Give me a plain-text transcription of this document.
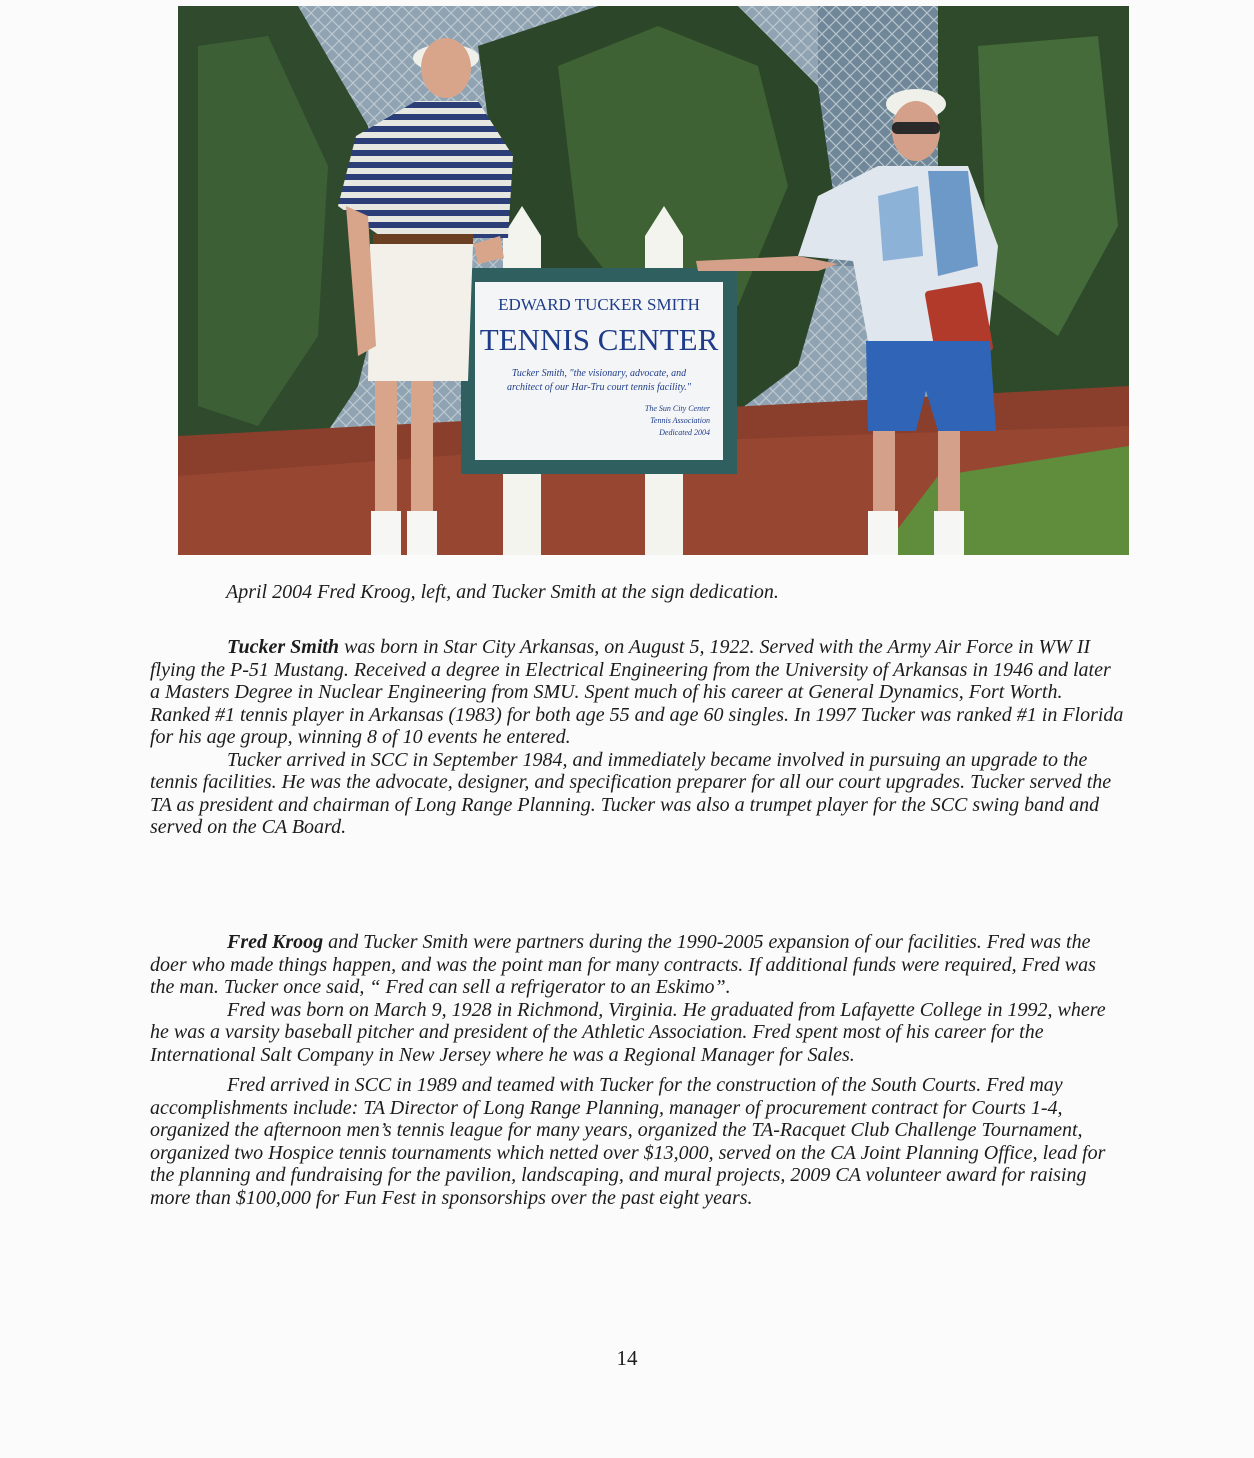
EDWARD TUCKER SMITH
TENNIS CENTER
Tucker Smith, "the visionary, advocate, and
architect of our Har-Tru court tennis facility."
The Sun City Center
Tennis Association
Dedicated 2004
April 2004 Fred Kroog, left, and Tucker Smith at the sign dedication.

Tucker Smith was born in Star City Arkansas, on August 5, 1922. Served with the Army Air Force in WW II flying the P-51 Mustang. Received a degree in Electrical Engineering from the University of Arkansas in 1946 and later a Masters Degree in Nuclear Engineering from SMU. Spent much of his career at General Dynamics, Fort Worth. Ranked #1 tennis player in Arkansas (1983) for both age 55 and age 60 singles. In 1997 Tucker was ranked #1 in Florida for his age group, winning 8 of 10 events he entered.

Tucker arrived in SCC in September 1984, and immediately became involved in pursuing an upgrade to the tennis facilities. He was the advocate, designer, and specification preparer for all our court upgrades. Tucker served the TA as president and chairman of Long Range Planning. Tucker was also a trumpet player for the SCC swing band and served on the CA Board.

Fred Kroog and Tucker Smith were partners during the 1990-2005 expansion of our facilities. Fred was the doer who made things happen, and was the point man for many contracts. If additional funds were required, Fred was the man. Tucker once said, “ Fred can sell a refrigerator to an Eskimo”.

Fred was born on March 9, 1928 in Richmond, Virginia. He graduated from Lafayette College in 1992, where he was a varsity baseball pitcher and president of the Athletic Association. Fred spent most of his career for the International Salt Company in New Jersey where he was a Regional Manager for Sales.

Fred arrived in SCC in 1989 and teamed with Tucker for the construction of the South Courts. Fred may accomplishments include: TA Director of Long Range Planning, manager of procurement contract for Courts 1-4, organized the afternoon men’s tennis league for many years, organized the TA-Racquet Club Challenge Tournament, organized two Hospice tennis tournaments which netted over $13,000, served on the CA Joint Planning Office, lead for the planning and fundraising for the pavilion, landscaping, and mural projects, 2009 CA volunteer award for raising more than $100,000 for Fun Fest in sponsorships over the past eight years.

14
